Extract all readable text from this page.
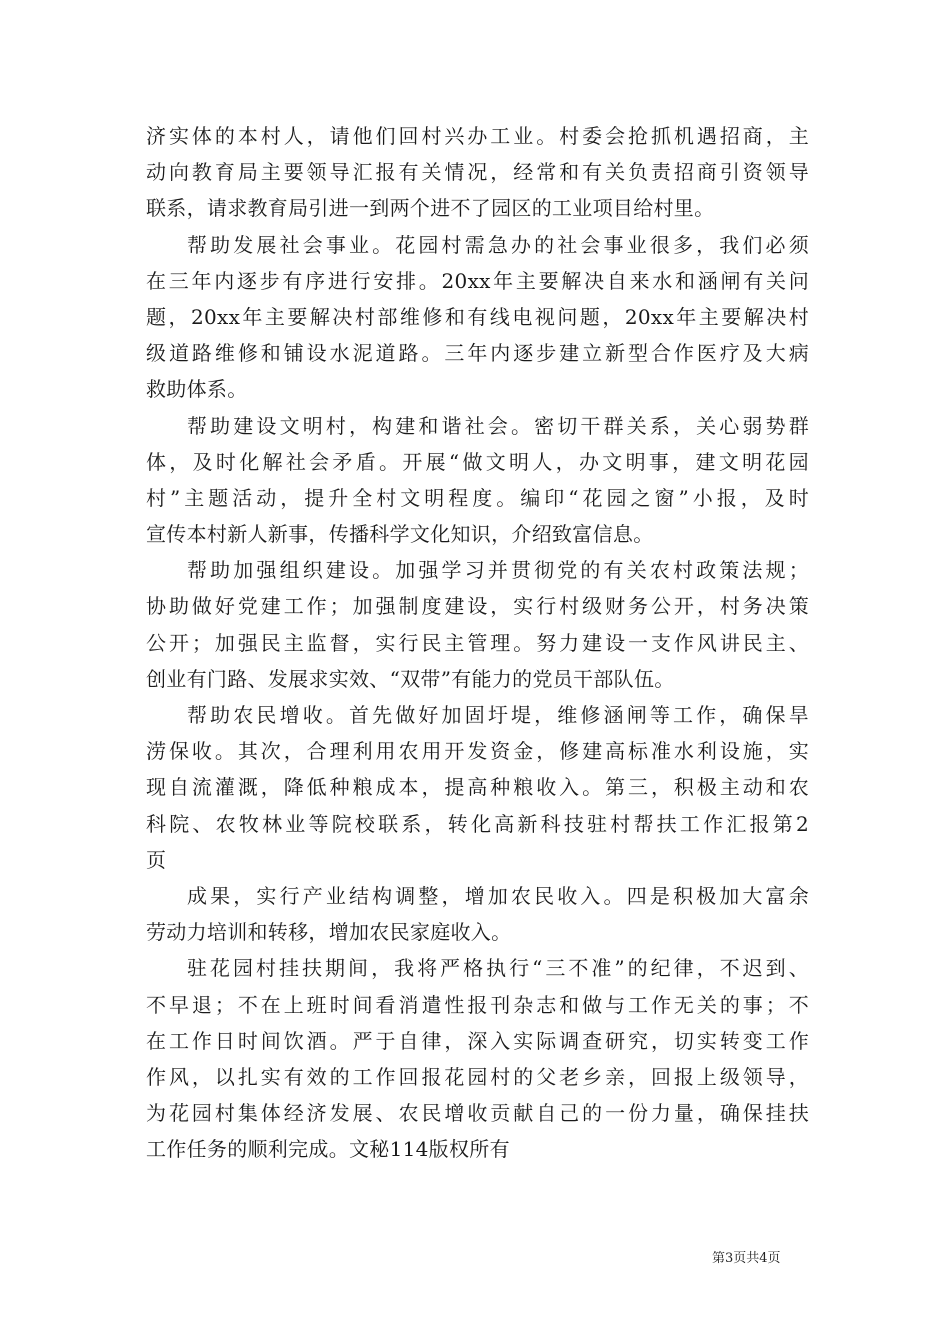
济实体的本村人，请他们回村兴办工业。村委会抢抓机遇招商，主
动向教育局主要领导汇报有关情况，经常和有关负责招商引资领导
联系，请求教育局引进一到两个进不了园区的工业项目给村里。
帮助发展社会事业。花园村需急办的社会事业很多，我们必须
在三年内逐步有序进行安排。20xx年主要解决自来水和涵闸有关问
题，20xx年主要解决村部维修和有线电视问题，20xx年主要解决村
级道路维修和铺设水泥道路。三年内逐步建立新型合作医疗及大病
救助体系。
帮助建设文明村，构建和谐社会。密切干群关系，关心弱势群
体，及时化解社会矛盾。开展“做文明人，办文明事，建文明花园
村”主题活动，提升全村文明程度。编印“花园之窗”小报，及时
宣传本村新人新事，传播科学文化知识，介绍致富信息。
帮助加强组织建设。加强学习并贯彻党的有关农村政策法规；
协助做好党建工作；加强制度建设，实行村级财务公开，村务决策
公开；加强民主监督，实行民主管理。努力建设一支作风讲民主、
创业有门路、发展求实效、“双带”有能力的党员干部队伍。
帮助农民增收。首先做好加固圩堤，维修涵闸等工作，确保旱
涝保收。其次，合理利用农用开发资金，修建高标准水利设施，实
现自流灌溉，降低种粮成本，提高种粮收入。第三，积极主动和农
科院、农牧林业等院校联系，转化高新科技驻村帮扶工作汇报第2
页
成果，实行产业结构调整，增加农民收入。四是积极加大富余
劳动力培训和转移，增加农民家庭收入。
驻花园村挂扶期间，我将严格执行“三不准”的纪律，不迟到、
不早退；不在上班时间看消遣性报刊杂志和做与工作无关的事；不
在工作日时间饮酒。严于自律，深入实际调查研究，切实转变工作
作风，以扎实有效的工作回报花园村的父老乡亲，回报上级领导，
为花园村集体经济发展、农民增收贡献自己的一份力量，确保挂扶
工作任务的顺利完成。文秘114版权所有
第3页共4页
